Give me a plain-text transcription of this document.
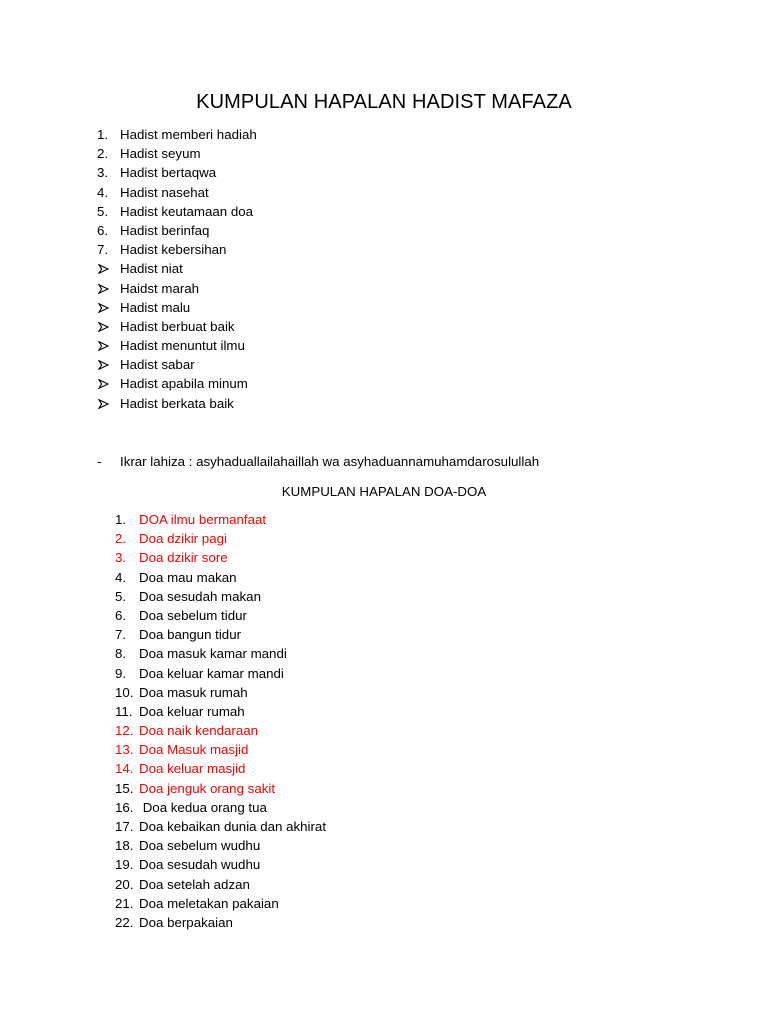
KUMPULAN HAPALAN HADIST MAFAZA
1. Hadist memberi hadiah
2. Hadist seyum
3. Hadist bertaqwa
4. Hadist nasehat
5. Hadist keutamaan doa
6. Hadist berinfaq
7. Hadist kebersihan
Hadist niat
Haidst marah
Hadist malu
Hadist berbuat baik
Hadist menuntut ilmu
Hadist sabar
Hadist apabila minum
Hadist berkata baik
- Ikrar lahiza : asyhaduallailahaillah wa asyhaduannamuhamdarosulullah
KUMPULAN HAPALAN DOA-DOA
1. DOA ilmu bermanfaat
2. Doa dzikir pagi
3. Doa dzikir sore
4. Doa mau makan
5. Doa sesudah makan
6. Doa sebelum tidur
7. Doa bangun tidur
8. Doa masuk kamar mandi
9. Doa keluar kamar mandi
10. Doa masuk rumah
11. Doa keluar rumah
12. Doa naik kendaraan
13. Doa Masuk masjid
14. Doa keluar masjid
15. Doa jenguk orang sakit
16. Doa kedua orang tua
17. Doa kebaikan dunia dan akhirat
18. Doa sebelum wudhu
19. Doa sesudah wudhu
20. Doa setelah adzan
21. Doa meletakan pakaian
22. Doa berpakaian
